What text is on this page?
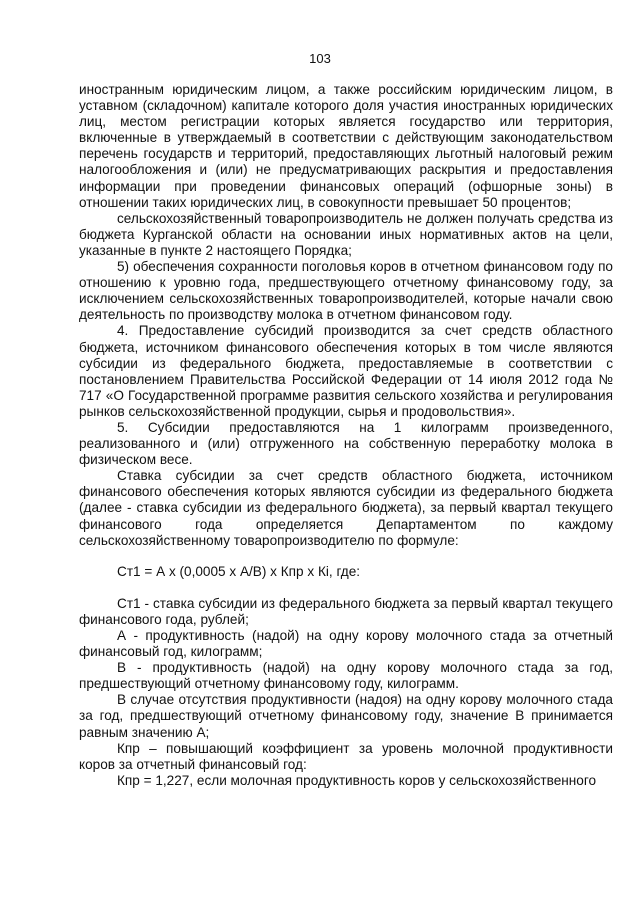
103

иностранным юридическим лицом, а также российским юридическим лицом, в уставном (складочном) капитале которого доля участия иностранных юридических лиц, местом регистрации которых является государство или территория, включенные в утверждаемый в соответствии с действующим законодательством перечень государств и территорий, предоставляющих льготный налоговый режим налогообложения и (или) не предусматривающих раскрытия и предоставления информации при проведении финансовых операций (офшорные зоны) в отношении таких юридических лиц, в совокупности превышает 50 процентов;

сельскохозяйственный товаропроизводитель не должен получать средства из бюджета Курганской области на основании иных нормативных актов на цели, указанные в пункте 2 настоящего Порядка;

5) обеспечения сохранности поголовья коров в отчетном финансовом году по отношению к уровню года, предшествующего отчетному финансовому году, за исключением сельскохозяйственных товаропроизводителей, которые начали свою деятельность по производству молока в отчетном финансовом году.

4. Предоставление субсидий производится за счет средств областного бюджета, источником финансового обеспечения которых в том числе являются субсидии из федерального бюджета, предоставляемые в соответствии с постановлением Правительства Российской Федерации от 14 июля 2012 года № 717 «О Государственной программе развития сельского хозяйства и регулирования рынков сельскохозяйственной продукции, сырья и продовольствия».

5. Субсидии предоставляются на 1 килограмм произведенного, реализованного и (или) отгруженного на собственную переработку молока в физическом весе.

Ставка субсидии за счет средств областного бюджета, источником финансового обеспечения которых являются субсидии из федерального бюджета (далее - ставка субсидии из федерального бюджета), за первый квартал текущего финансового года определяется Департаментом по каждому сельскохозяйственному товаропроизводителю по формуле:

Ст1 = А х (0,0005 х А/В) х Кпр х Кi, где:

Ст1 - ставка субсидии из федерального бюджета за первый квартал текущего финансового года, рублей;

А - продуктивность (надой) на одну корову молочного стада за отчетный финансовый год, килограмм;

В - продуктивность (надой) на одну корову молочного стада за год, предшествующий отчетному финансовому году, килограмм.

В случае отсутствия продуктивности (надоя) на одну корову молочного стада за год, предшествующий отчетному финансовому году, значение В принимается равным значению А;

Кпр – повышающий коэффициент за уровень молочной продуктивности коров за отчетный финансовый год:

Кпр = 1,227, если молочная продуктивность коров у сельскохозяйственного
